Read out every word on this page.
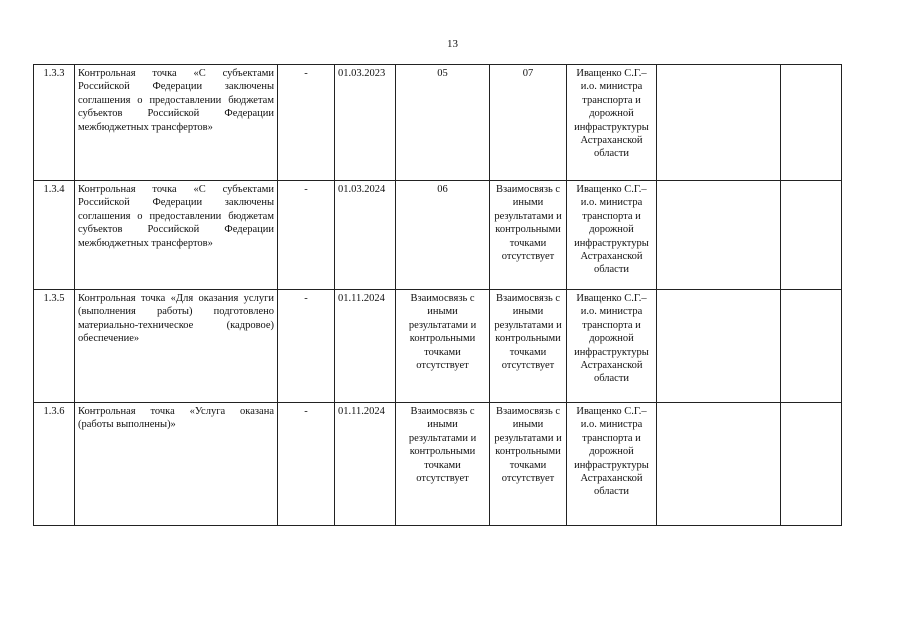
13
1.3.3	Контрольная точка «С субъектами Российской Федерации заключены соглашения о предоставлении бюджетам субъектов Российской Федерации межбюджетных трансфертов»	-	01.03.2023	05	07	Иващенко С.Г.– и.о. министра транспорта и дорожной инфраструктуры Астраханской области		
1.3.4	Контрольная точка «С субъектами Российской Федерации заключены соглашения о предоставлении бюджетам субъектов Российской Федерации межбюджетных трансфертов»	-	01.03.2024	06	Взаимосвязь с иными результатами и контрольными точками отсутствует	Иващенко С.Г.– и.о. министра транспорта и дорожной инфраструктуры Астраханской области		
1.3.5	Контрольная точка «Для оказания услуги (выполнения работы) подготовлено материально-техническое (кадровое) обеспечение»	-	01.11.2024	Взаимосвязь с иными результатами и контрольными точками отсутствует	Взаимосвязь с иными результатами и контрольными точками отсутствует	Иващенко С.Г.– и.о. министра транспорта и дорожной инфраструктуры Астраханской области		
1.3.6	Контрольная точка «Услуга оказана (работы выполнены)»	-	01.11.2024	Взаимосвязь с иными результатами и контрольными точками отсутствует	Взаимосвязь с иными результатами и контрольными точками отсутствует	Иващенко С.Г.– и.о. министра транспорта и дорожной инфраструктуры Астраханской области		
